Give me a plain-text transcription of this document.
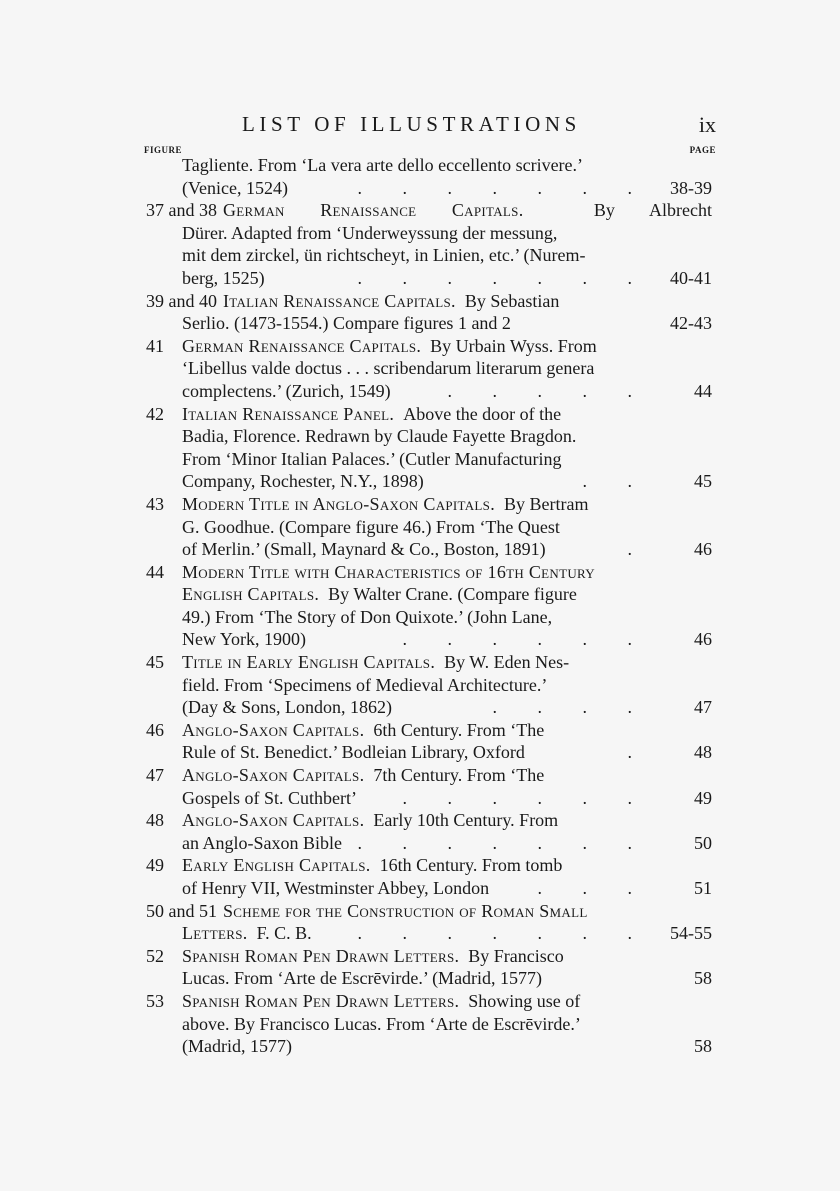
LIST OF ILLUSTRATIONS	ix
FIGURE	PAGE
Tagliente. From ‘La vera arte dello eccellento scrivere.’
(Venice, 1524)	. . . . . . . 38-39
37 and 38 German Renaissance Capitals.	By Albrecht
Dürer. Adapted from ‘Underweyssung der messung,
mit dem zirckel, ün richtscheyt, in Linien, etc.’ (Nurem-
berg, 1525)	. . . . . . . 40-41
39 and 40 Italian Renaissance Capitals. By Sebastian
Serlio. (1473-1554.) Compare figures 1 and 2	42-43
41 German Renaissance Capitals. By Urbain Wyss. From
‘Libellus valde doctus . . . scribendarum literarum genera
complectens.’ (Zurich, 1549)	. . . . . 44
42 Italian Renaissance Panel. Above the door of the
Badia, Florence. Redrawn by Claude Fayette Bragdon.
From ‘Minor Italian Palaces.’ (Cutler Manufacturing
Company, Rochester, N.Y., 1898)	. . 45
43 Modern Title in Anglo-Saxon Capitals. By Bertram
G. Goodhue. (Compare figure 46.) From ‘The Quest
of Merlin.’ (Small, Maynard & Co., Boston, 1891)	. 46
44 Modern Title with Characteristics of 16th Century
English Capitals. By Walter Crane. (Compare figure
49.) From ‘The Story of Don Quixote.’ (John Lane,
New York, 1900)	. . . . . . 46
45 Title in Early English Capitals. By W. Eden Nes-
field. From ‘Specimens of Medieval Architecture.’
(Day & Sons, London, 1862)	. . . . 47
46 Anglo-Saxon Capitals. 6th Century. From ‘The
Rule of St. Benedict.’ Bodleian Library, Oxford	. 48
47 Anglo-Saxon Capitals. 7th Century. From ‘The
Gospels of St. Cuthbert’	. . . . . . 49
48 Anglo-Saxon Capitals. Early 10th Century. From
an Anglo-Saxon Bible . . . . . . . 50
49 Early English Capitals. 16th Century. From tomb
of Henry VII, Westminster Abbey, London	. . . 51
50 and 51 Scheme for the Construction of Roman Small
Letters. F. C. B.	. . . . . . . 54-55
52 Spanish Roman Pen Drawn Letters. By Francisco
Lucas. From ‘Arte de Escrēvirde.’ (Madrid, 1577)	58
53 Spanish Roman Pen Drawn Letters. Showing use of
above. By Francisco Lucas. From ‘Arte de Escrēvirde.’
(Madrid, 1577)	58
